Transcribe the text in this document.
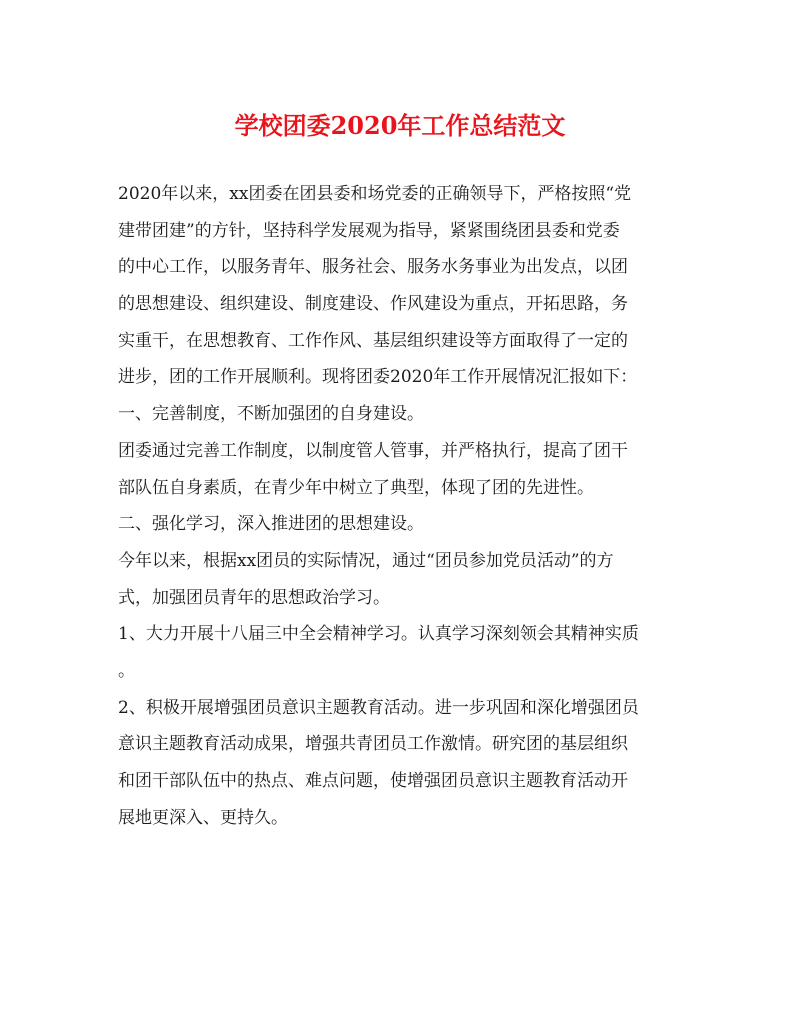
学校团委2020年工作总结范文

2020年以来，xx团委在团县委和场党委的正确领导下，严格按照“党

建带团建”的方针，坚持科学发展观为指导，紧紧围绕团县委和党委

的中心工作，以服务青年、服务社会、服务水务事业为出发点，以团

的思想建设、组织建设、制度建设、作风建设为重点，开拓思路，务

实重干，在思想教育、工作作风、基层组织建设等方面取得了一定的

进步，团的工作开展顺利。现将团委2020年工作开展情况汇报如下：

一、完善制度，不断加强团的自身建设。

团委通过完善工作制度，以制度管人管事，并严格执行，提高了团干

部队伍自身素质，在青少年中树立了典型，体现了团的先进性。

二、强化学习，深入推进团的思想建设。

今年以来，根据xx团员的实际情况，通过“团员参加党员活动”的方

式，加强团员青年的思想政治学习。

1、大力开展十八届三中全会精神学习。认真学习深刻领会其精神实质

。

2、积极开展增强团员意识主题教育活动。进一步巩固和深化增强团员

意识主题教育活动成果，增强共青团员工作激情。研究团的基层组织

和团干部队伍中的热点、难点问题，使增强团员意识主题教育活动开

展地更深入、更持久。
